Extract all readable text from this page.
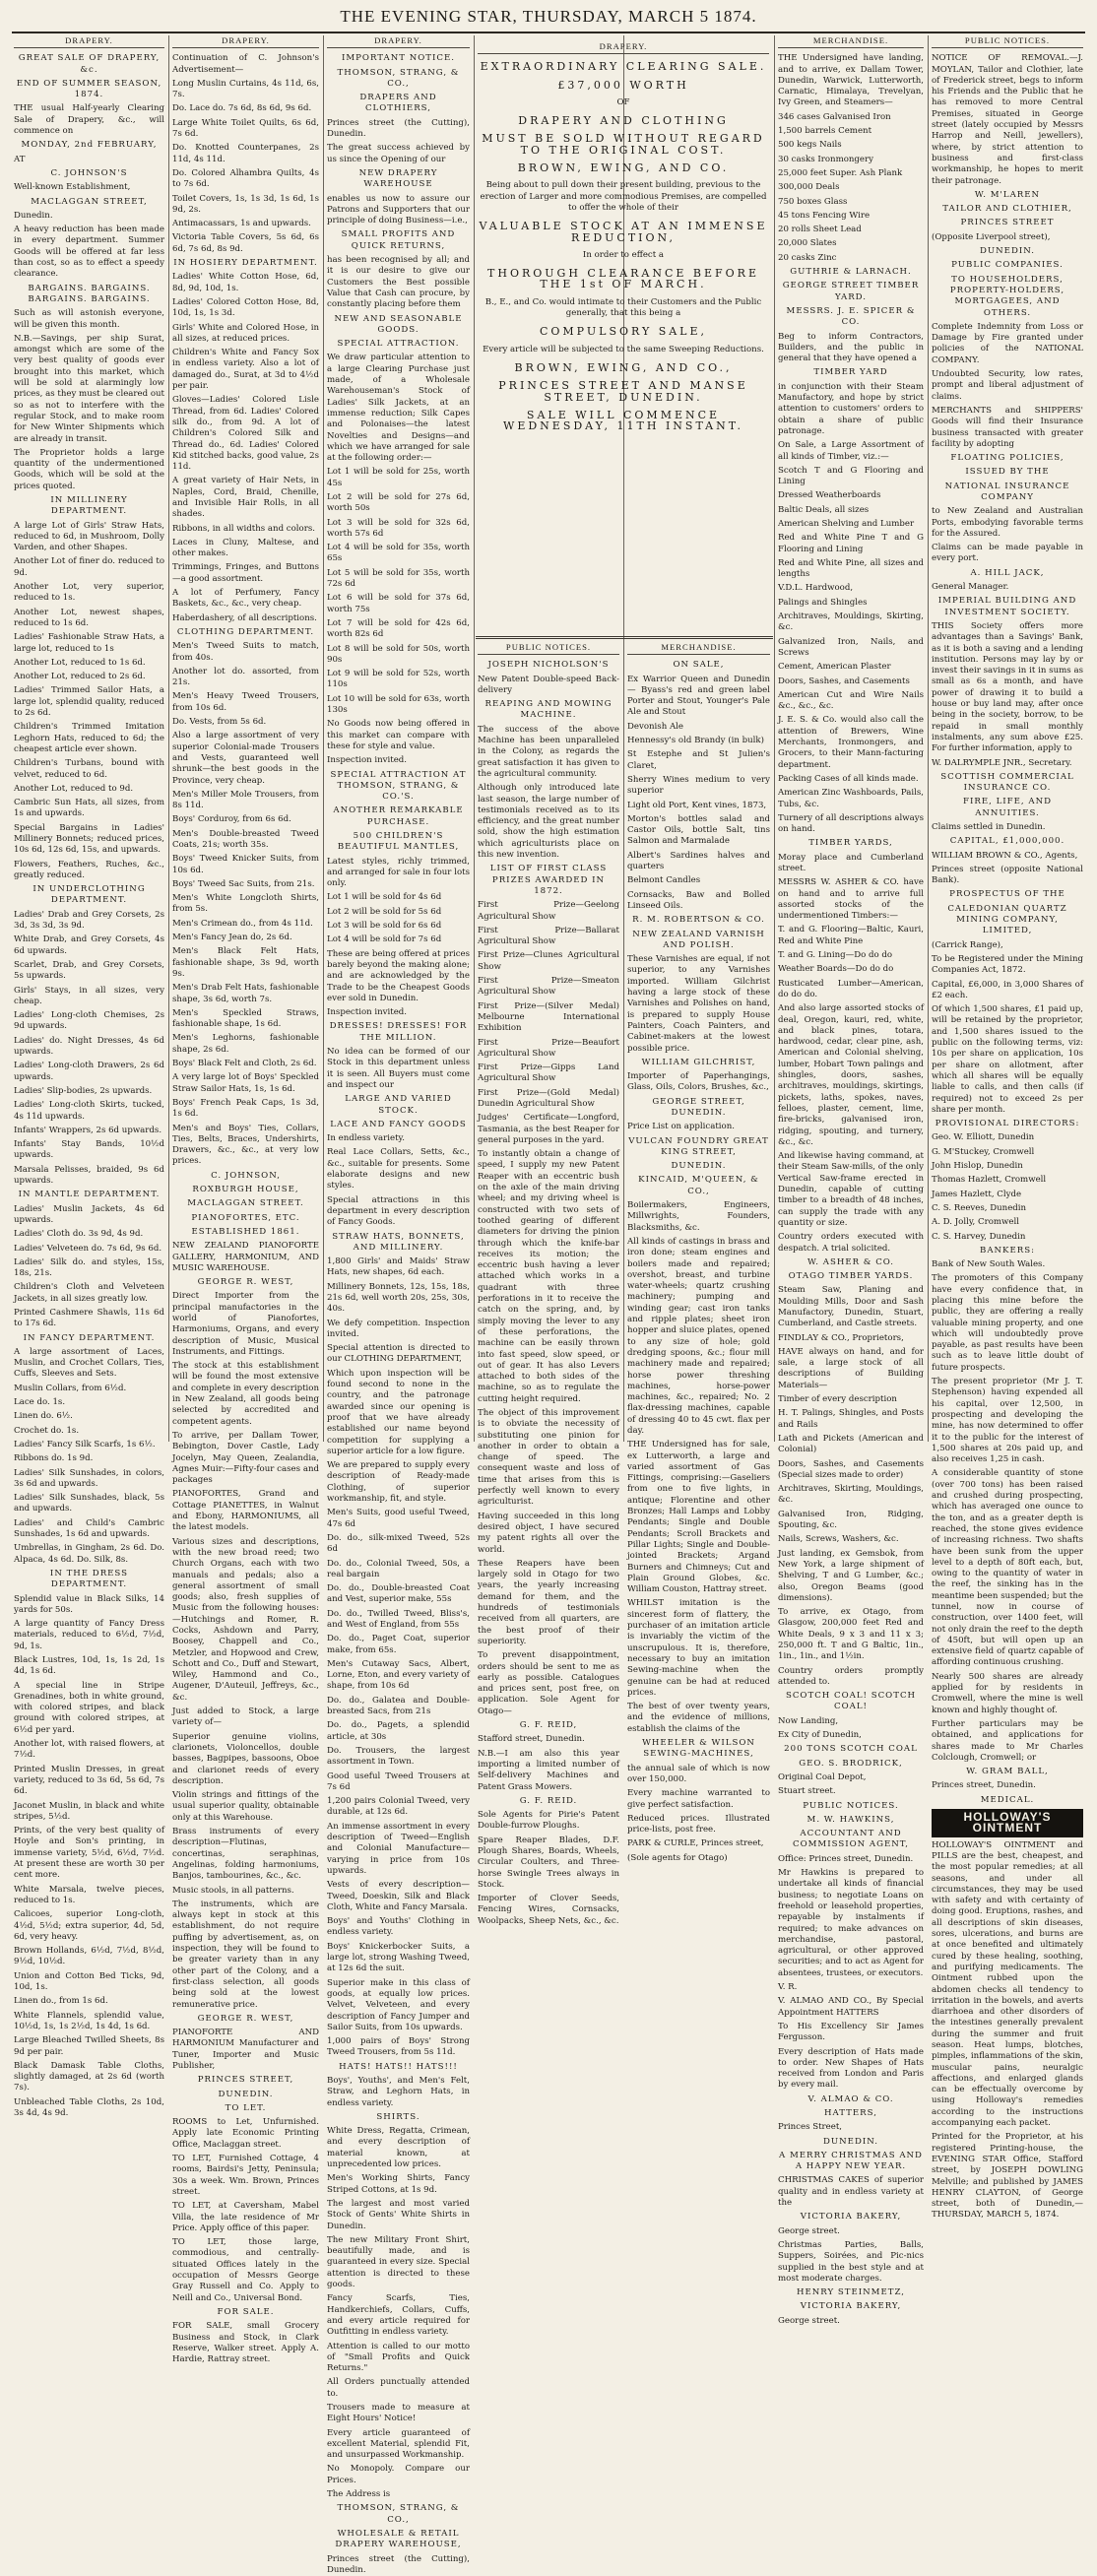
THE EVENING STAR, THURSDAY, MARCH 5 1874.
DRAPERY.

GREAT SALE OF DRAPERY, &c.

END OF SUMMER SEASON, 1874.

THE usual Half-yearly Clearing Sale of Drapery, &c., will commence on

MONDAY, 2nd FEBRUARY,

AT

C. JOHNSON'S

Well-known Establishment,

MACLAGGAN STREET,

Dunedin.

A heavy reduction has been made in every department. Summer Goods will be offered at far less than cost, so as to effect a speedy clearance.

BARGAINS. BARGAINS. BARGAINS. BARGAINS.

Such as will astonish everyone, will be given this month.

N.B.—Savings, per ship Surat, amongst which are some of the very best quality of goods ever brought into this market, which will be sold at alarmingly low prices, as they must be cleared out so as not to interfere with the regular Stock, and to make room for New Winter Shipments which are already in transit.

The Proprietor holds a large quantity of the undermentioned Goods, which will be sold at the prices quoted.

IN MILLINERY DEPARTMENT.

A large Lot of Girls' Straw Hats, reduced to 6d, in Mushroom, Dolly Varden, and other Shapes.

Another Lot of finer do. reduced to 9d.

Another Lot, very superior, reduced to 1s.

Another Lot, newest shapes, reduced to 1s 6d.

Ladies' Fashionable Straw Hats, a large lot, reduced to 1s

Another Lot, reduced to 1s 6d.

Another Lot, reduced to 2s 6d.

Ladies' Trimmed Sailor Hats, a large lot, splendid quality, reduced to 2s 6d.

Children's Trimmed Imitation Leghorn Hats, reduced to 6d; the cheapest article ever shown.

Children's Turbans, bound with velvet, reduced to 6d.

Another Lot, reduced to 9d.

Cambric Sun Hats, all sizes, from 1s and upwards.

Special Bargains in Ladies' Millinery Bonnets; reduced prices, 10s 6d, 12s 6d, 15s, and upwards.

Flowers, Feathers, Ruches, &c., greatly reduced.

IN UNDERCLOTHING DEPARTMENT.

Ladies' Drab and Grey Corsets, 2s 3d, 3s 3d, 3s 9d.

White Drab, and Grey Corsets, 4s 6d upwards.

Scarlet, Drab, and Grey Corsets, 5s upwards.

Girls' Stays, in all sizes, very cheap.

Ladies' Long-cloth Chemises, 2s 9d upwards.

Ladies' do. Night Dresses, 4s 6d upwards.

Ladies' Long-cloth Drawers, 2s 6d upwards.

Ladies' Slip-bodies, 2s upwards.

Ladies' Long-cloth Skirts, tucked, 4s 11d upwards.

Infants' Wrappers, 2s 6d upwards.

Infants' Stay Bands, 10½d upwards.

Marsala Pelisses, braided, 9s 6d upwards.

IN MANTLE DEPARTMENT.

Ladies' Muslin Jackets, 4s 6d upwards.

Ladies' Cloth do. 3s 9d, 4s 9d.

Ladies' Velveteen do. 7s 6d, 9s 6d.

Ladies' Silk do. and styles, 15s, 18s, 21s.

Children's Cloth and Velveteen Jackets, in all sizes greatly low.

Printed Cashmere Shawls, 11s 6d to 17s 6d.

IN FANCY DEPARTMENT.

A large assortment of Laces, Muslin, and Crochet Collars, Ties, Cuffs, Sleeves and Sets.

Muslin Collars, from 6½d.

Lace do. 1s.

Linen do. 6½.

Crochet do. 1s.

Ladies' Fancy Silk Scarfs, 1s 6½.

Ribbons do. 1s 9d.

Ladies' Silk Sunshades, in colors, 3s 6d and upwards.

Ladies' Silk Sunshades, black, 5s and upwards.

Ladies' and Child's Cambric Sunshades, 1s 6d and upwards.

Umbrellas, in Gingham, 2s 6d. Do. Alpaca, 4s 6d. Do. Silk, 8s.

IN THE DRESS DEPARTMENT.

Splendid value in Black Silks, 14 yards for 50s.

A large quantity of Fancy Dress materials, reduced to 6½d, 7½d, 9d, 1s.

Black Lustres, 10d, 1s, 1s 2d, 1s 4d, 1s 6d.

A special line in Stripe Grenadines, both in white ground, with colored stripes, and black ground with colored stripes, at 6½d per yard.

Another lot, with raised flowers, at 7½d.

Printed Muslin Dresses, in great variety, reduced to 3s 6d, 5s 6d, 7s 6d.

Jaconet Muslin, in black and white stripes, 5½d.

Prints, of the very best quality of Hoyle and Son's printing, in immense variety, 5½d, 6½d, 7½d. At present these are worth 30 per cent more.

White Marsala, twelve pieces, reduced to 1s.

Calicoes, superior Long-cloth, 4½d, 5½d; extra superior, 4d, 5d, 6d, very heavy.

Brown Hollands, 6½d, 7½d, 8½d, 9½d, 10½d.

Union and Cotton Bed Ticks, 9d, 10d, 1s.

Linen do., from 1s 6d.

White Flannels, splendid value, 10½d, 1s, 1s 2½d, 1s 4d, 1s 6d.

Large Bleached Twilled Sheets, 8s 9d per pair.

Black Damask Table Cloths, slightly damaged, at 2s 6d (worth 7s).

Unbleached Table Cloths, 2s 10d, 3s 4d, 4s 9d.

DRAPERY.

Continuation of C. Johnson's Advertisement—

Long Muslin Curtains, 4s 11d, 6s, 7s.

Do. Lace do. 7s 6d, 8s 6d, 9s 6d.

Large White Toilet Quilts, 6s 6d, 7s 6d.

Do. Knotted Counterpanes, 2s 11d, 4s 11d.

Do. Colored Alhambra Quilts, 4s to 7s 6d.

Toilet Covers, 1s, 1s 3d, 1s 6d, 1s 9d, 2s.

Antimacassars, 1s and upwards.

Victoria Table Covers, 5s 6d, 6s 6d, 7s 6d, 8s 9d.

IN HOSIERY DEPARTMENT.

Ladies' White Cotton Hose, 6d, 8d, 9d, 10d, 1s.

Ladies' Colored Cotton Hose, 8d, 10d, 1s, 1s 3d.

Girls' White and Colored Hose, in all sizes, at reduced prices.

Children's White and Fancy Sox in endless variety. Also a lot of damaged do., Surat, at 3d to 4½d per pair.

Gloves—Ladies' Colored Lisle Thread, from 6d. Ladies' Colored silk do., from 9d. A lot of Children's Colored Silk and Thread do., 6d. Ladies' Colored Kid stitched backs, good value, 2s 11d.

A great variety of Hair Nets, in Naples, Cord, Braid, Chenille, and Invisible Hair Rolls, in all shades.

Ribbons, in all widths and colors.

Laces in Cluny, Maltese, and other makes.

Trimmings, Fringes, and Buttons—a good assortment.

A lot of Perfumery, Fancy Baskets, &c., &c., very cheap.

Haberdashery, of all descriptions.

CLOTHING DEPARTMENT.

Men's Tweed Suits to match, from 40s.

Another lot do. assorted, from 21s.

Men's Heavy Tweed Trousers, from 10s 6d.

Do. Vests, from 5s 6d.

Also a large assortment of very superior Colonial-made Trousers and Vests, guaranteed well shrunk—the best goods in the Province, very cheap.

Men's Miller Mole Trousers, from 8s 11d.

Boys' Corduroy, from 6s 6d.

Men's Double-breasted Tweed Coats, 21s; worth 35s.

Boys' Tweed Knicker Suits, from 10s 6d.

Boys' Tweed Sac Suits, from 21s.

Men's White Longcloth Shirts, from 5s.

Men's Crimean do., from 4s 11d.

Men's Fancy Jean do, 2s 6d.

Men's Black Felt Hats, fashionable shape, 3s 9d, worth 9s.

Men's Drab Felt Hats, fashionable shape, 3s 6d, worth 7s.

Men's Speckled Straws, fashionable shape, 1s 6d.

Men's Leghorns, fashionable shape, 2s 6d.

Boys' Black Felt and Cloth, 2s 6d.

A very large lot of Boys' Speckled Straw Sailor Hats, 1s, 1s 6d.

Boys' French Peak Caps, 1s 3d, 1s 6d.

Men's and Boys' Ties, Collars, Ties, Belts, Braces, Undershirts, Drawers, &c., &c., at very low prices.

C. JOHNSON,

ROXBURGH HOUSE,

MACLAGGAN STREET.

PIANOFORTES, ETC.

ESTABLISHED 1861.

NEW ZEALAND PIANOFORTE GALLERY, HARMONIUM, AND MUSIC WAREHOUSE.

GEORGE R. WEST,

Direct Importer from the principal manufactories in the world of Pianofortes, Harmoniums, Organs, and every description of Music, Musical Instruments, and Fittings.

The stock at this establishment will be found the most extensive and complete in every description in New Zealand, all goods being selected by accredited and competent agents.

To arrive, per Dallam Tower, Bebington, Dover Castle, Lady Jocelyn, May Queen, Zealandia, Agnes Muir:—Fifty-four cases and packages

PIANOFORTES, Grand and Cottage PIANETTES, in Walnut and Ebony, HARMONIUMS, all the latest models.

Various sizes and descriptions, with the new broad reed; two Church Organs, each with two manuals and pedals; also a general assortment of small goods; also, fresh supplies of Music from the following houses:—Hutchings and Romer, R. Cocks, Ashdown and Parry, Boosey, Chappell and Co., Metzler, and Hopwood and Crew, Schott and Co., Duff and Stewart, Wiley, Hammond and Co., Augener, D'Auteuil, Jeffreys, &c., &c.

Just added to Stock, a large variety of—

Superior genuine violins, clarionets, Violoncellos, double basses, Bagpipes, bassoons, Oboe and clarionet reeds of every description.

Violin strings and fittings of the usual superior quality, obtainable only at this Warehouse.

Brass instruments of every description—Flutinas, concertinas, seraphinas, Angelinas, folding harmoniums, Banjos, tambourines, &c., &c.

Music stools, in all patterns.

The instruments, which are always kept in stock at this establishment, do not require puffing by advertisement, as, on inspection, they will be found to be greater variety than in any other part of the Colony, and a first-class selection, all goods being sold at the lowest remunerative price.

GEORGE R. WEST,

PIANOFORTE AND HARMONIUM Manufacturer and Tuner, Importer and Music Publisher,

PRINCES STREET,

DUNEDIN.

TO LET.

ROOMS to Let, Unfurnished. Apply late Economic Printing Office, Maclaggan street.

TO LET, Furnished Cottage, 4 rooms, Bairdsi's Jetty, Peninsula; 30s a week. Wm. Brown, Princes street.

TO LET, at Caversham, Mabel Villa, the late residence of Mr Price. Apply office of this paper.

TO LET, those large, commodious, and centrally-situated Offices lately in the occupation of Messrs George Gray Russell and Co. Apply to Neill and Co., Universal Bond.

FOR SALE.

FOR SALE, small Grocery Business and Stock, in Clark Reserve, Walker street. Apply A. Hardie, Rattray street.

DRAPERY.

IMPORTANT NOTICE.

THOMSON, STRANG, & CO.,

DRAPERS AND CLOTHIERS,

Princes street (the Cutting), Dunedin.

The great success achieved by us since the Opening of our

NEW DRAPERY WAREHOUSE

enables us now to assure our Patrons and Supporters that our principle of doing Business—i.e.,

SMALL PROFITS AND QUICK RETURNS,

has been recognised by all; and it is our desire to give our Customers the Best possible Value that Cash can procure, by constantly placing before them

NEW AND SEASONABLE GOODS.

SPECIAL ATTRACTION.

We draw particular attention to a large Clearing Purchase just made, of a Wholesale Warehouseman's Stock of Ladies' Silk Jackets, at an immense reduction; Silk Capes and Polonaises—the latest Novelties and Designs—and which we have arranged for sale at the following order:—

Lot 1 will be sold for 25s, worth 45s

Lot 2 will be sold for 27s 6d, worth 50s

Lot 3 will be sold for 32s 6d, worth 57s 6d

Lot 4 will be sold for 35s, worth 65s

Lot 5 will be sold for 35s, worth 72s 6d

Lot 6 will be sold for 37s 6d, worth 75s

Lot 7 will be sold for 42s 6d, worth 82s 6d

Lot 8 will be sold for 50s, worth 90s

Lot 9 will be sold for 52s, worth 110s

Lot 10 will be sold for 63s, worth 130s

No Goods now being offered in this market can compare with these for style and value.

Inspection invited.

SPECIAL ATTRACTION AT THOMSON, STRANG, & CO.'S.

ANOTHER REMARKABLE PURCHASE.

500 CHILDREN'S BEAUTIFUL MANTLES,

Latest styles, richly trimmed, and arranged for sale in four lots only.

Lot 1 will be sold for 4s 6d

Lot 2 will be sold for 5s 6d

Lot 3 will be sold for 6s 6d

Lot 4 will be sold for 7s 6d

These are being offered at prices barely beyond the making alone; and are acknowledged by the Trade to be the Cheapest Goods ever sold in Dunedin.

Inspection invited.

DRESSES! DRESSES! FOR THE MILLION.

No idea can be formed of our Stock in this department unless it is seen. All Buyers must come and inspect our

LARGE AND VARIED STOCK.

LACE AND FANCY GOODS

In endless variety.

Real Lace Collars, Setts, &c., &c., suitable for presents. Some elaborate designs and new styles.

Special attractions in this department in every description of Fancy Goods.

STRAW HATS, BONNETS, AND MILLINERY.

1,800 Girls' and Maids' Straw Hats, new shapes, 6d each.

Millinery Bonnets, 12s, 15s, 18s, 21s 6d, well worth 20s, 25s, 30s, 40s.

We defy competition. Inspection invited.

Special attention is directed to our CLOTHING DEPARTMENT,

Which upon inspection will be found second to none in the country, and the patronage awarded since our opening is proof that we have already established our name beyond competition for supplying a superior article for a low figure.

We are prepared to supply every description of Ready-made Clothing, of superior workmanship, fit, and style.

Men's Suits, good useful Tweed, 47s 6d

Do. do., silk-mixed Tweed, 52s 6d

Do. do., Colonial Tweed, 50s, a real bargain

Do. do., Double-breasted Coat and Vest, superior make, 55s

Do. do., Twilled Tweed, Bliss's, and West of England, from 55s

Do. do., Paget Coat, superior make, from 65s.

Men's Cutaway Sacs, Albert, Lorne, Eton, and every variety of shape, from 10s 6d

Do. do., Galatea and Double-breasted Sacs, from 21s

Do. do., Pagets, a splendid article, at 30s

Do. Trousers, the largest assortment in Town.

Good useful Tweed Trousers at 7s 6d

1,200 pairs Colonial Tweed, very durable, at 12s 6d.

An immense assortment in every description of Tweed—English and Colonial Manufacture—varying in price from 10s upwards.

Vests of every description—Tweed, Doeskin, Silk and Black Cloth, White and Fancy Marsala.

Boys' and Youths' Clothing in endless variety.

Boys' Knickerbocker Suits, a large lot, strong Washing Tweed, at 12s 6d the suit.

Superior make in this class of goods, at equally low prices. Velvet, Velveteen, and every description of Fancy Jumper and Sailor Suits, from 10s upwards.

1,000 pairs of Boys' Strong Tweed Trousers, from 5s 11d.

HATS! HATS!! HATS!!!

Boys', Youths', and Men's Felt, Straw, and Leghorn Hats, in endless variety.

SHIRTS.

White Dress, Regatta, Crimean, and every description of material known, at unprecedented low prices.

Men's Working Shirts, Fancy Striped Cottons, at 1s 9d.

The largest and most varied Stock of Gents' White Shirts in Dunedin.

The new Military Front Shirt, beautifully made, and is guaranteed in every size. Special attention is directed to these goods.

Fancy Scarfs, Ties, Handkerchiefs, Collars, Cuffs, and every article required for Outfitting in endless variety.

Attention is called to our motto of "Small Profits and Quick Returns."

All Orders punctually attended to.

Trousers made to measure at Eight Hours' Notice!

Every article guaranteed of excellent Material, splendid Fit, and unsurpassed Workmanship.

No Monopoly. Compare our Prices.

The Address is

THOMSON, STRANG, & CO.,

WHOLESALE & RETAIL DRAPERY WAREHOUSE,

Princes street (the Cutting), Dunedin.

DRAPERY.

EXTRAORDINARY CLEARING SALE.

£37,000 WORTH

OF

DRAPERY AND CLOTHING

MUST BE SOLD WITHOUT REGARD TO THE ORIGINAL COST.

BROWN, EWING, AND CO.

Being about to pull down their present building, previous to the erection of Larger and more commodious Premises, are compelled to offer the whole of their

VALUABLE STOCK AT AN IMMENSE REDUCTION,

In order to effect a

THOROUGH CLEARANCE BEFORE THE 1st OF MARCH.

B., E., and Co. would intimate to their Customers and the Public generally, that this being a

COMPULSORY SALE,

Every article will be subjected to the same Sweeping Reductions.

BROWN, EWING, AND CO.,

PRINCES STREET AND MANSE STREET, DUNEDIN.

SALE WILL COMMENCE WEDNESDAY, 11TH INSTANT.

PUBLIC NOTICES.

JOSEPH NICHOLSON'S

New Patent Double-speed Back-delivery

REAPING AND MOWING MACHINE.

The success of the above Machine has been unparalleled in the Colony, as regards the great satisfaction it has given to the agricultural community.

Although only introduced late last season, the large number of testimonials received as to its efficiency, and the great number sold, show the high estimation which agriculturists place on this new invention.

LIST OF FIRST CLASS PRIZES AWARDED IN 1872.

First Prize—Geelong Agricultural Show

First Prize—Ballarat Agricultural Show

First Prize—Clunes Agricultural Show

First Prize—Smeaton Agricultural Show

First Prize—(Silver Medal) Melbourne International Exhibition

First Prize—Beaufort Agricultural Show

First Prize—Gipps Land Agricultural Show

First Prize—(Gold Medal) Dunedin Agricultural Show

Judges' Certificate—Longford, Tasmania, as the best Reaper for general purposes in the yard.

To instantly obtain a change of speed, I supply my new Patent Reaper with an eccentric bush on the axle of the main driving wheel; and my driving wheel is constructed with two sets of toothed gearing of different diameters for driving the pinion through which the knife-bar receives its motion; the eccentric bush having a lever attached which works in a quadrant with three perforations in it to receive the catch on the spring, and, by simply moving the lever to any of these perforations, the machine can be easily thrown into fast speed, slow speed, or out of gear. It has also Levers attached to both sides of the machine, so as to regulate the cutting height required.

The object of this improvement is to obviate the necessity of substituting one pinion for another in order to obtain a change of speed. The consequent waste and loss of time that arises from this is perfectly well known to every agriculturist.

Having succeeded in this long desired object, I have secured my patent rights all over the world.

These Reapers have been largely sold in Otago for two years, the yearly increasing demand for them, and the hundreds of testimonials received from all quarters, are the best proof of their superiority.

To prevent disappointment, orders should be sent to me as early as possible. Catalogues and prices sent, post free, on application. Sole Agent for Otago—

G. F. REID,

Stafford street, Dunedin.

N.B.—I am also this year importing a limited number of Self-delivery Machines and Patent Grass Mowers.

G. F. REID.

Sole Agents for Pirie's Patent Double-furrow Ploughs.

Spare Reaper Blades, D.F. Plough Shares, Boards, Wheels, Circular Coulters, and Three-horse Swingle Trees always in Stock.

Importer of Clover Seeds, Fencing Wires, Cornsacks, Woolpacks, Sheep Nets, &c., &c.

MERCHANDISE.

ON SALE,

Ex Warrior Queen and Dunedin— Byass's red and green label Porter and Stout, Younger's Pale Ale and Stout

Devonish Ale

Hennessy's old Brandy (in bulk)

St Estephe and St Julien's Claret,

Sherry Wines medium to very superior

Light old Port, Kent vines, 1873,

Morton's bottles salad and Castor Oils, bottle Salt, tins Salmon and Marmalade

Albert's Sardines halves and quarters

Belmont Candles

Cornsacks, Baw and Bolled Linseed Oils.

R. M. ROBERTSON & CO.

NEW ZEALAND VARNISH AND POLISH.

These Varnishes are equal, if not superior, to any Varnishes imported. William Gilchrist having a large stock of these Varnishes and Polishes on hand, is prepared to supply House Painters, Coach Painters, and Cabinet-makers at the lowest possible price.

WILLIAM GILCHRIST,

Importer of Paperhangings, Glass, Oils, Colors, Brushes, &c.,

GEORGE STREET, DUNEDIN.

Price List on application.

VULCAN FOUNDRY GREAT KING STREET,

DUNEDIN.

KINCAID, M'QUEEN, & CO.,

Boilermakers, Engineers, Millwrights, Founders, Blacksmiths, &c.

All kinds of castings in brass and iron done; steam engines and boilers made and repaired; overshot, breast, and turbine water-wheels; quartz crushing machinery; pumping and winding gear; cast iron tanks and ripple plates; sheet iron hopper and sluice plates, opened to any size of hole; gold dredging spoons, &c.; flour mill machinery made and repaired; horse power threshing machines, horse-power machines, &c., repaired; No. 2 flax-dressing machines, capable of dressing 40 to 45 cwt. flax per day.

THE Undersigned has for sale, ex Lutterworth, a large and varied assortment of Gas Fittings, comprising:—Gaseliers from one to five lights, in antique; Florentine and other Bronzes; Hall Lamps and Lobby Pendants; Single and Double Pendants; Scroll Brackets and Pillar Lights; Single and Double-jointed Brackets; Argand Burners and Chimneys; Cut and Plain Ground Globes, &c. William Couston, Hattray street.

WHILST imitation is the sincerest form of flattery, the purchaser of an imitation article is invariably the victim of the unscrupulous. It is, therefore, necessary to buy an imitation Sewing-machine when the genuine can be had at reduced prices.

The best of over twenty years, and the evidence of millions, establish the claims of the

WHEELER & WILSON SEWING-MACHINES,

the annual sale of which is now over 150,000.

Every machine warranted to give perfect satisfaction.

Reduced prices. Illustrated price-lists, post free.

PARK & CURLE, Princes street,

(Sole agents for Otago)

MERCHANDISE.

THE Undersigned have landing, and to arrive, ex Dallam Tower, Dunedin, Warwick, Lutterworth, Carnatic, Himalaya, Trevelyan, Ivy Green, and Steamers—

346 cases Galvanised Iron

1,500 barrels Cement

500 kegs Nails

30 casks Ironmongery

25,000 feet Super. Ash Plank

300,000 Deals

750 boxes Glass

45 tons Fencing Wire

20 rolls Sheet Lead

20,000 Slates

20 casks Zinc

GUTHRIE & LARNACH.

GEORGE STREET TIMBER YARD.

MESSRS. J. E. SPICER & CO.

Beg to inform Contractors, Builders, and the public in general that they have opened a

TIMBER YARD

in conjunction with their Steam Manufactory, and hope by strict attention to customers' orders to obtain a share of public patronage.

On Sale, a Large Assortment of all kinds of Timber, viz.:—

Scotch T and G Flooring and Lining

Dressed Weatherboards

Baltic Deals, all sizes

American Shelving and Lumber

Red and White Pine T and G Flooring and Lining

Red and White Pine, all sizes and lengths

V.D.L. Hardwood,

Palings and Shingles

Architraves, Mouldings, Skirting, &c.

Galvanized Iron, Nails, and Screws

Cement, American Plaster

Doors, Sashes, and Casements

American Cut and Wire Nails &c., &c., &c.

J. E. S. & Co. would also call the attention of Brewers, Wine Merchants, Ironmongers, and Grocers, to their Mann-facturing department.

Packing Cases of all kinds made.

American Zinc Washboards, Pails, Tubs, &c.

Turnery of all descriptions always on hand.

TIMBER YARDS,

Moray place and Cumberland street.

MESSRS W. ASHER & CO. have on hand and to arrive full assorted stocks of the undermentioned Timbers:—

T. and G. Flooring—Baltic, Kauri, Red and White Pine

T. and G. Lining—Do do do

Weather Boards—Do do do

Rusticated Lumber—American, do do do.

And also large assorted stocks of deal, Oregon, kauri, red, white, and black pines, totara, hardwood, cedar, clear pine, ash, American and Colonial shelving, lumber, Hobart Town palings and shingles, doors, sashes, architraves, mouldings, skirtings, pickets, laths, spokes, naves, felloes, plaster, cement, lime, fire-bricks, galvanised iron, ridging, spouting, and turnery, &c., &c.

And likewise having command, at their Steam Saw-mills, of the only Vertical Saw-frame erected in Dunedin, capable of cutting timber to a breadth of 48 inches, can supply the trade with any quantity or size.

Country orders executed with despatch. A trial solicited.

W. ASHER & CO.

OTAGO TIMBER YARDS.

Steam Saw, Planing and Moulding Mills, Door and Sash Manufactory, Dunedin, Stuart, Cumberland, and Castle streets.

FINDLAY & CO., Proprietors,

HAVE always on hand, and for sale, a large stock of all descriptions of Building Materials—

Timber of every description

H. T. Palings, Shingles, and Posts and Rails

Lath and Pickets (American and Colonial)

Doors, Sashes, and Casements (Special sizes made to order)

Architraves, Skirting, Mouldings, &c.

Galvanised Iron, Ridging, Spouting, &c.

Nails, Screws, Washers, &c.

Just landing, ex Gemsbok, from New York, a large shipment of Shelving, T and G Lumber, &c.; also, Oregon Beams (good dimensions).

To arrive, ex Otago, from Glasgow, 200,000 feet Red and White Deals, 9 x 3 and 11 x 3; 250,000 ft. T and G Baltic, 1in., 1in., 1in., and 1½in.

Country orders promptly attended to.

SCOTCH COAL! SCOTCH COAL!

Now Landing,

Ex City of Dunedin,

200 TONS SCOTCH COAL

GEO. S. BRODRICK,

Original Coal Depot,

Stuart street.

PUBLIC NOTICES.

M. W. HAWKINS,

ACCOUNTANT AND COMMISSION AGENT,

Office: Princes street, Dunedin.

Mr Hawkins is prepared to undertake all kinds of financial business; to negotiate Loans on freehold or leasehold properties, repayable by instalments if required; to make advances on merchandise, pastoral, agricultural, or other approved securities; and to act as Agent for absentees, trustees, or executors.

V. R.

V. ALMAO AND CO., By Special Appointment HATTERS

To His Excellency Sir James Fergusson.

Every description of Hats made to order. New Shapes of Hats received from London and Paris by every mail.

V. ALMAO & CO.

HATTERS,

Princes Street,

DUNEDIN.

A MERRY CHRISTMAS AND A HAPPY NEW YEAR.

CHRISTMAS CAKES of superior quality and in endless variety at the

VICTORIA BAKERY,

George street.

Christmas Parties, Balls, Suppers, Soirées, and Pic-nics supplied in the best style and at most moderate charges.

HENRY STEINMETZ,

VICTORIA BAKERY,

George street.

PUBLIC NOTICES.

NOTICE OF REMOVAL.—J. MOYLAN, Tailor and Clothier, late of Frederick street, begs to inform his Friends and the Public that he has removed to more Central Premises, situated in George street (lately occupied by Messrs Harrop and Neill, jewellers), where, by strict attention to business and first-class workmanship, he hopes to merit their patronage.

W. M'LAREN

TAILOR AND CLOTHIER,

PRINCES STREET

(Opposite Liverpool street),

DUNEDIN.

PUBLIC COMPANIES.

TO HOUSEHOLDERS, PROPERTY-HOLDERS, MORTGAGEES, AND OTHERS.

Complete Indemnity from Loss or Damage by Fire granted under policies of the NATIONAL COMPANY.

Undoubted Security, low rates, prompt and liberal adjustment of claims.

MERCHANTS and SHIPPERS' Goods will find their Insurance business transacted with greater facility by adopting

FLOATING POLICIES,

ISSUED BY THE

NATIONAL INSURANCE COMPANY

to New Zealand and Australian Ports, embodying favorable terms for the Assured.

Claims can be made payable in every port.

A. HILL JACK,

General Manager.

IMPERIAL BUILDING AND INVESTMENT SOCIETY.

THIS Society offers more advantages than a Savings' Bank, as it is both a saving and a lending institution. Persons may lay by or invest their savings in it in sums as small as 6s a month, and have power of drawing it to build a house or buy land may, after once being in the society, borrow, to be repaid in small monthly instalments, any sum above £25. For further information, apply to

W. DALRYMPLE JNR., Secretary.

SCOTTISH COMMERCIAL INSURANCE CO.

FIRE, LIFE, AND ANNUITIES.

Claims settled in Dunedin.

CAPITAL, £1,000,000.

WILLIAM BROWN & CO., Agents,

Princes street (opposite National Bank).

PROSPECTUS OF THE

CALEDONIAN QUARTZ MINING COMPANY, LIMITED,

(Carrick Range),

To be Registered under the Mining Companies Act, 1872.

Capital, £6,000, in 3,000 Shares of £2 each.

Of which 1,500 shares, £1 paid up, will be retained by the proprietor, and 1,500 shares issued to the public on the following terms, viz: 10s per share on application, 10s per share on allotment, after which all shares will be equally liable to calls, and then calls (if required) not to exceed 2s per share per month.

PROVISIONAL DIRECTORS:

Geo. W. Elliott, Dunedin

G. M'Stuckey, Cromwell

John Hislop, Dunedin

Thomas Hazlett, Cromwell

James Hazlett, Clyde

C. S. Reeves, Dunedin

A. D. Jolly, Cromwell

C. S. Harvey, Dunedin

BANKERS:

Bank of New South Wales.

The promoters of this Company have every confidence that, in placing this mine before the public, they are offering a really valuable mining property, and one which will undoubtedly prove payable, as past results have been such as to leave little doubt of future prospects.

The present proprietor (Mr J. T. Stephenson) having expended all his capital, over 12,500, in prospecting and developing the mine, has now determined to offer it to the public for the interest of 1,500 shares at 20s paid up, and also receives 1,25 in cash.

A considerable quantity of stone (over 700 tons) has been raised and crushed during prospecting, which has averaged one ounce to the ton, and as a greater depth is reached, the stone gives evidence of increasing richness. Two shafts have been sunk from the upper level to a depth of 80ft each, but, owing to the quantity of water in the reef, the sinking has in the meantime been suspended; but the tunnel, now in course of construction, over 1400 feet, will not only drain the reef to the depth of 450ft, but will open up an extensive field of quartz capable of affording continuous crushing.

Nearly 500 shares are already applied for by residents in Cromwell, where the mine is well known and highly thought of.

Further particulars may be obtained, and applications for shares made to Mr Charles Colclough, Cromwell; or

W. GRAM BALL,

Princes street, Dunedin.

MEDICAL.

HOLLOWAY'S OINTMENT

HOLLOWAY'S OINTMENT and PILLS are the best, cheapest, and the most popular remedies; at all seasons, and under all circumstances, they may be used with safety and with certainty of doing good. Eruptions, rashes, and all descriptions of skin diseases, sores, ulcerations, and burns are at once benefited and ultimately cured by these healing, soothing, and purifying medicaments. The Ointment rubbed upon the abdomen checks all tendency to irritation in the bowels, and averts diarrhoea and other disorders of the intestines generally prevalent during the summer and fruit season. Heat lumps, blotches, pimples, inflammations of the skin, muscular pains, neuralgic affections, and enlarged glands can be effectually overcome by using Holloway's remedies according to the instructions accompanying each packet.

Printed for the Proprietor, at his registered Printing-house, the EVENING STAR Office, Stafford street, by JOSEPH DOWLING Melville; and published by JAMES HENRY CLAYTON, of George street, both of Dunedin,—THURSDAY, MARCH 5, 1874.
